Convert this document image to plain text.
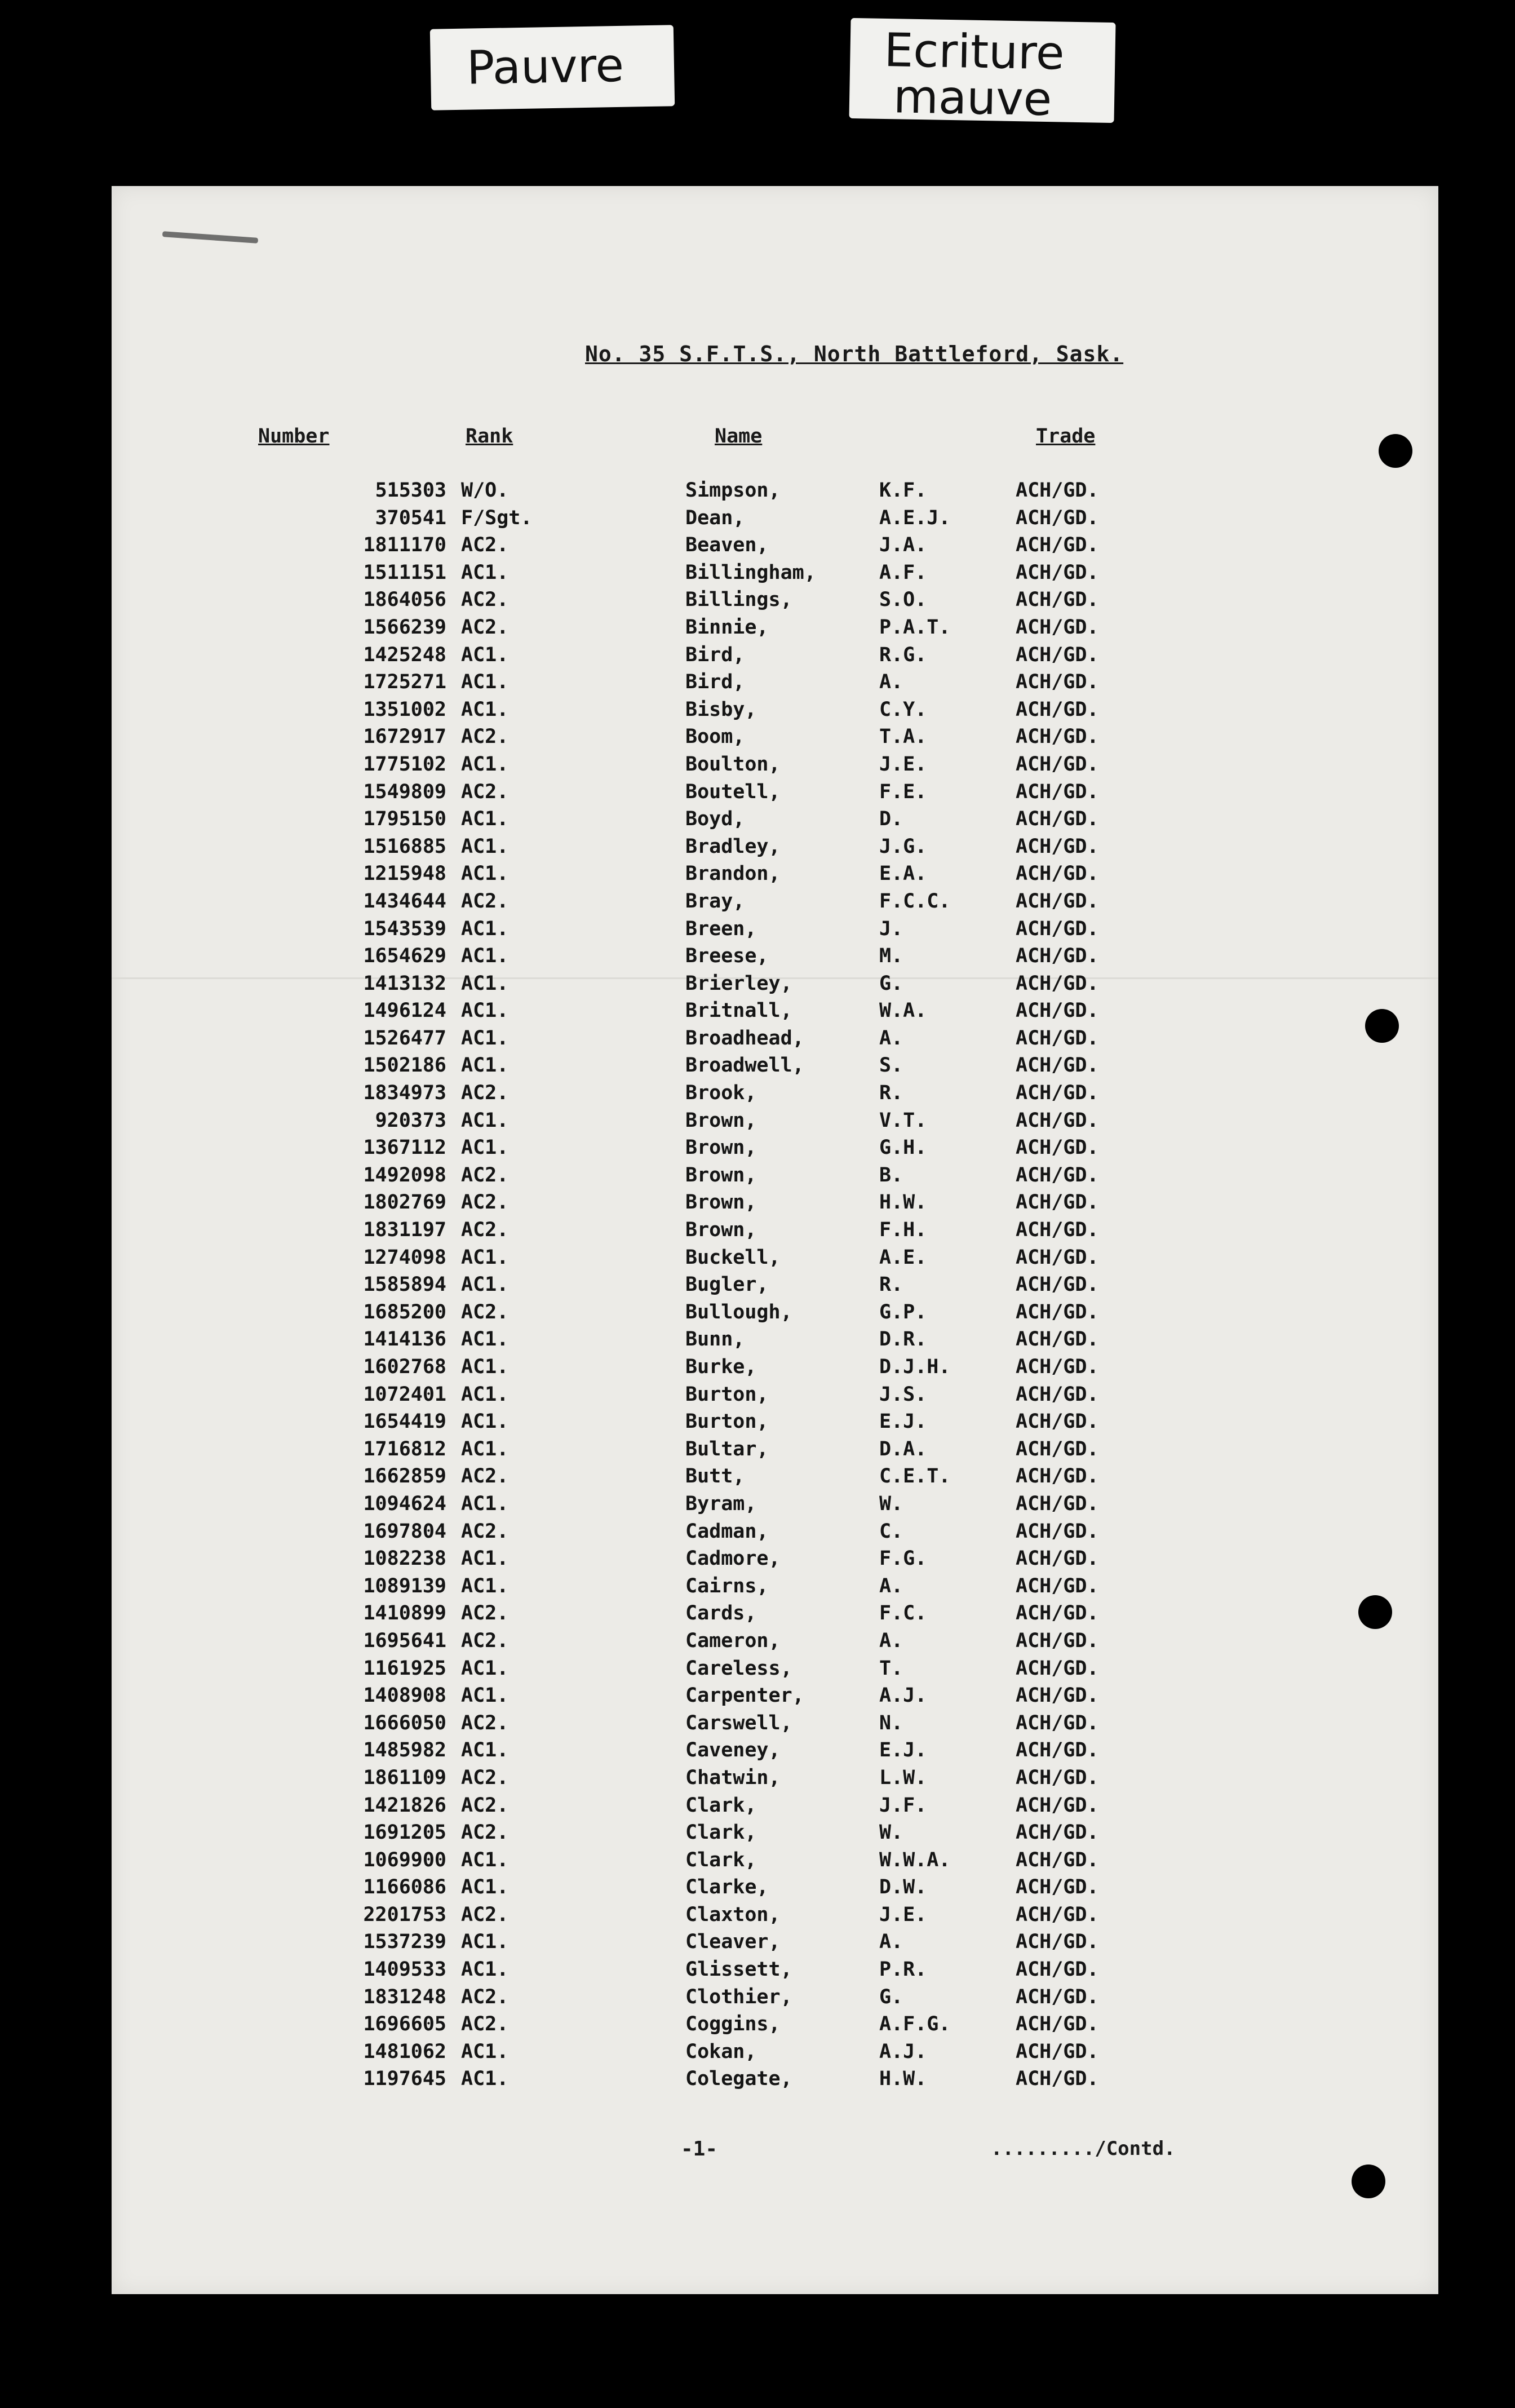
Pauvre	Ecriture
mauve
No. 35 S.F.T.S., North Battleford, Sask.
Number	Rank	Name	Trade
515303 W/O.	Simpson,	K.F.	ACH/GD.
370541 F/Sgt.	Dean,	A.E.J.	ACH/GD.
1811170 AC2.	Beaven,	J.A.	ACH/GD.
1511151 AC1.	Billingham,	A.F.	ACH/GD.
1864056 AC2.	Billings,	S.O.	ACH/GD.
1566239 AC2.	Binnie,	P.A.T.	ACH/GD.
1425248 AC1.	Bird,	R.G.	ACH/GD.
1725271 AC1.	Bird,	A.	ACH/GD.
1351002 AC1.	Bisby,	C.Y.	ACH/GD.
1672917 AC2.	Boom,	T.A.	ACH/GD.
1775102 AC1.	Boulton,	J.E.	ACH/GD.
1549809 AC2.	Boutell,	F.E.	ACH/GD.
1795150 AC1.	Boyd,	D.	ACH/GD.
1516885 AC1.	Bradley,	J.G.	ACH/GD.
1215948 AC1.	Brandon,	E.A.	ACH/GD.
1434644 AC2.	Bray,	F.C.C.	ACH/GD.
1543539 AC1.	Breen,	J.	ACH/GD.
1654629 AC1.	Breese,	M.	ACH/GD.
1413132 AC1.	Brierley,	G.	ACH/GD.
1496124 AC1.	Britnall,	W.A.	ACH/GD.
1526477 AC1.	Broadhead,	A.	ACH/GD.
1502186 AC1.	Broadwell,	S.	ACH/GD.
1834973 AC2.	Brook,	R.	ACH/GD.
920373 AC1.	Brown,	V.T.	ACH/GD.
1367112 AC1.	Brown,	G.H.	ACH/GD.
1492098 AC2.	Brown,	B.	ACH/GD.
1802769 AC2.	Brown,	H.W.	ACH/GD.
1831197 AC2.	Brown,	F.H.	ACH/GD.
1274098 AC1.	Buckell,	A.E.	ACH/GD.
1585894 AC1.	Bugler,	R.	ACH/GD.
1685200 AC2.	Bullough,	G.P.	ACH/GD.
1414136 AC1.	Bunn,	D.R.	ACH/GD.
1602768 AC1.	Burke,	D.J.H.	ACH/GD.
1072401 AC1.	Burton,	J.S.	ACH/GD.
1654419 AC1.	Burton,	E.J.	ACH/GD.
1716812 AC1.	Bultar,	D.A.	ACH/GD.
1662859 AC2.	Butt,	C.E.T.	ACH/GD.
1094624 AC1.	Byram,	W.	ACH/GD.
1697804 AC2.	Cadman,	C.	ACH/GD.
1082238 AC1.	Cadmore,	F.G.	ACH/GD.
1089139 AC1.	Cairns,	A.	ACH/GD.
1410899 AC2.	Cards,	F.C.	ACH/GD.
1695641 AC2.	Cameron,	A.	ACH/GD.
1161925 AC1.	Careless,	T.	ACH/GD.
1408908 AC1.	Carpenter,	A.J.	ACH/GD.
1666050 AC2.	Carswell,	N.	ACH/GD.
1485982 AC1.	Caveney,	E.J.	ACH/GD.
1861109 AC2.	Chatwin,	L.W.	ACH/GD.
1421826 AC2.	Clark,	J.F.	ACH/GD.
1691205 AC2.	Clark,	W.	ACH/GD.
1069900 AC1.	Clark,	W.W.A.	ACH/GD.
1166086 AC1.	Clarke,	D.W.	ACH/GD.
2201753 AC2.	Claxton,	J.E.	ACH/GD.
1537239 AC1.	Cleaver,	A.	ACH/GD.
1409533 AC1.	Glissett,	P.R.	ACH/GD.
1831248 AC2.	Clothier,	G.	ACH/GD.
1696605 AC2.	Coggins,	A.F.G.	ACH/GD.
1481062 AC1.	Cokan,	A.J.	ACH/GD.
1197645 AC1.	Colegate,	H.W.	ACH/GD.
-1-	........./Contd.
